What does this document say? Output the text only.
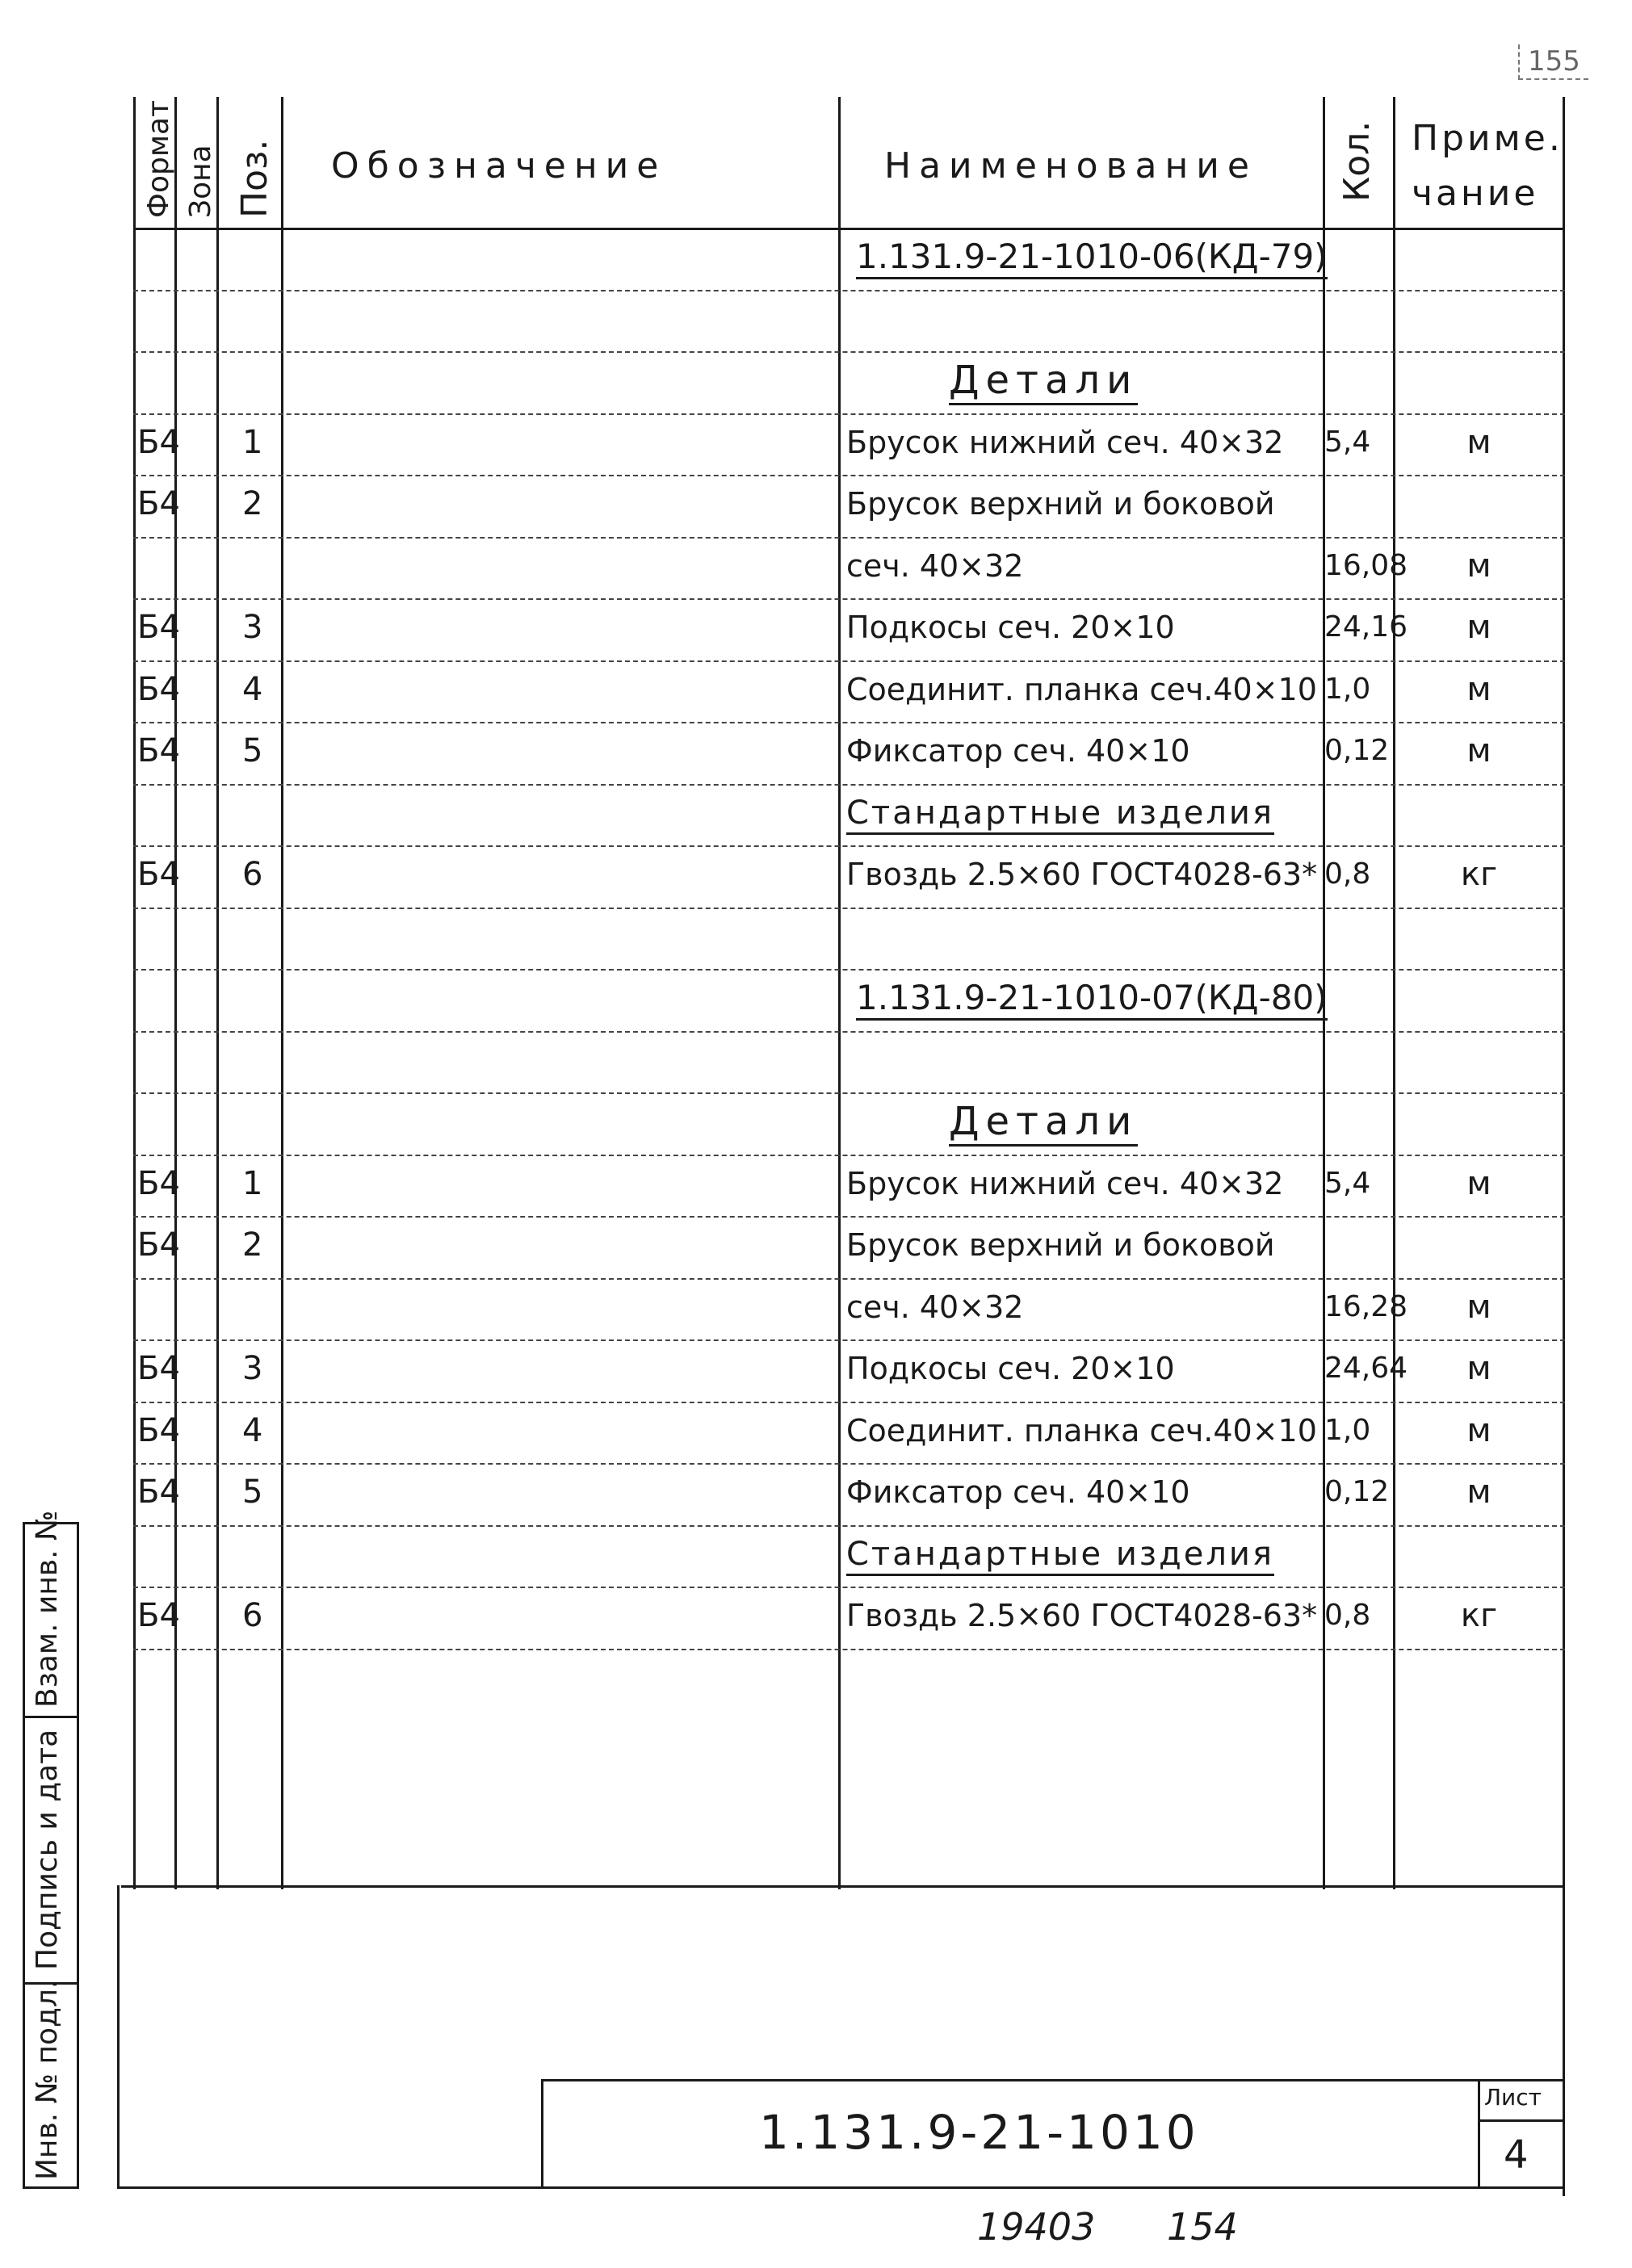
155
Формат Зона Поз. Обозначение	Наименование Кол. Приме.
чание
1.131.9-21-1010-06(КД-79)
Детали
Б4 1	Брусок нижний сеч. 40×32 5,4	м
Б4 2	Брусок верхний и боковой
сеч. 40×32	16,08	м
Б4 3	Подкосы сеч. 20×10	24,16	м
Б4 4	Соединит. планка сеч.40×10 1,0	м
Б4 5	Фиксатор сеч. 40×10	0,12	м
Стандартные изделия
Б4 6	Гвоздь 2.5×60 ГОСТ4028-63* 0,8	кг
1.131.9-21-1010-07(КД-80)
Детали
Б4 1	Брусок нижний сеч. 40×32 5,4	м
Б4 2	Брусок верхний и боковой
сеч. 40×32	16,28	м
Б4 3	Подкосы сеч. 20×10	24,64	м
Б4 4	Соединит. планка сеч.40×10 1,0	м
Б4 5	Фиксатор сеч. 40×10	0,12	м
Стандартные изделия
Б4 6	Гвоздь 2.5×60 ГОСТ4028-63* 0,8	кг
Взам. инв. №
Подпись и дата
Инв. № подл.	1.131.9-21-1010
Лист
4
19403 154
